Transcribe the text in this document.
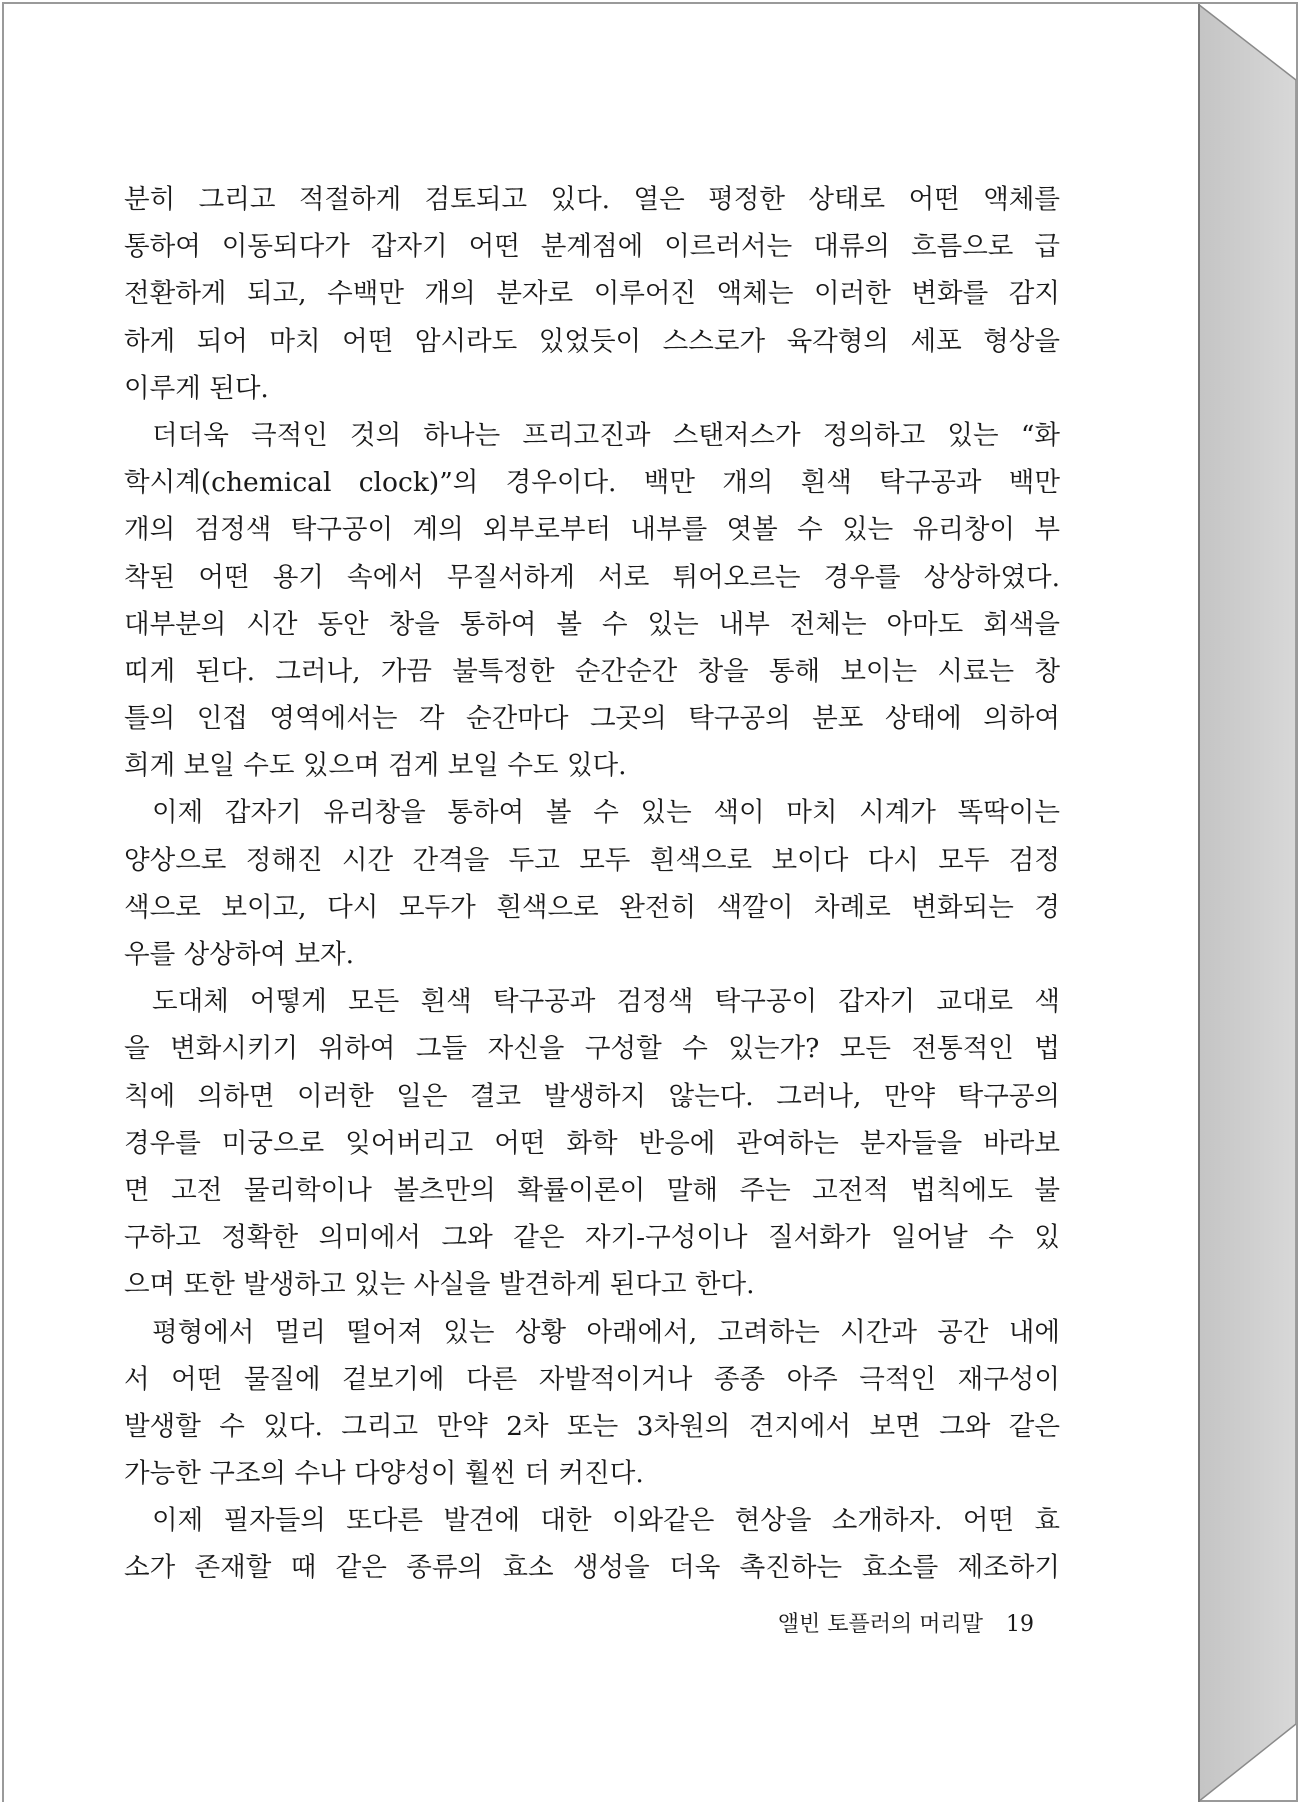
분히 그리고 적절하게 검토되고 있다. 열은 평정한 상태로 어떤 액체를
통하여 이동되다가 갑자기 어떤 분계점에 이르러서는 대류의 흐름으로 급
전환하게 되고, 수백만 개의 분자로 이루어진 액체는 이러한 변화를 감지
하게 되어 마치 어떤 암시라도 있었듯이 스스로가 육각형의 세포 형상을
이루게 된다.
더더욱 극적인 것의 하나는 프리고진과 스탠저스가 정의하고 있는 “화
학시계(chemical clock)”의 경우이다. 백만 개의 흰색 탁구공과 백만
개의 검정색 탁구공이 계의 외부로부터 내부를 엿볼 수 있는 유리창이 부
착된 어떤 용기 속에서 무질서하게 서로 튀어오르는 경우를 상상하였다.
대부분의 시간 동안 창을 통하여 볼 수 있는 내부 전체는 아마도 회색을
띠게 된다. 그러나, 가끔 불특정한 순간순간 창을 통해 보이는 시료는 창
틀의 인접 영역에서는 각 순간마다 그곳의 탁구공의 분포 상태에 의하여
희게 보일 수도 있으며 검게 보일 수도 있다.
이제 갑자기 유리창을 통하여 볼 수 있는 색이 마치 시계가 똑딱이는
양상으로 정해진 시간 간격을 두고 모두 흰색으로 보이다 다시 모두 검정
색으로 보이고, 다시 모두가 흰색으로 완전히 색깔이 차례로 변화되는 경
우를 상상하여 보자.
도대체 어떻게 모든 흰색 탁구공과 검정색 탁구공이 갑자기 교대로 색
을 변화시키기 위하여 그들 자신을 구성할 수 있는가? 모든 전통적인 법
칙에 의하면 이러한 일은 결코 발생하지 않는다. 그러나, 만약 탁구공의
경우를 미궁으로 잊어버리고 어떤 화학 반응에 관여하는 분자들을 바라보
면 고전 물리학이나 볼츠만의 확률이론이 말해 주는 고전적 법칙에도 불
구하고 정확한 의미에서 그와 같은 자기-구성이나 질서화가 일어날 수 있
으며 또한 발생하고 있는 사실을 발견하게 된다고 한다.
평형에서 멀리 떨어져 있는 상황 아래에서, 고려하는 시간과 공간 내에
서 어떤 물질에 겉보기에 다른 자발적이거나 종종 아주 극적인 재구성이
발생할 수 있다. 그리고 만약 2차 또는 3차원의 견지에서 보면 그와 같은
가능한 구조의 수나 다양성이 훨씬 더 커진다.
이제 필자들의 또다른 발견에 대한 이와같은 현상을 소개하자. 어떤 효
소가 존재할 때 같은 종류의 효소 생성을 더욱 촉진하는 효소를 제조하기
앨빈 토플러의 머리말 19
